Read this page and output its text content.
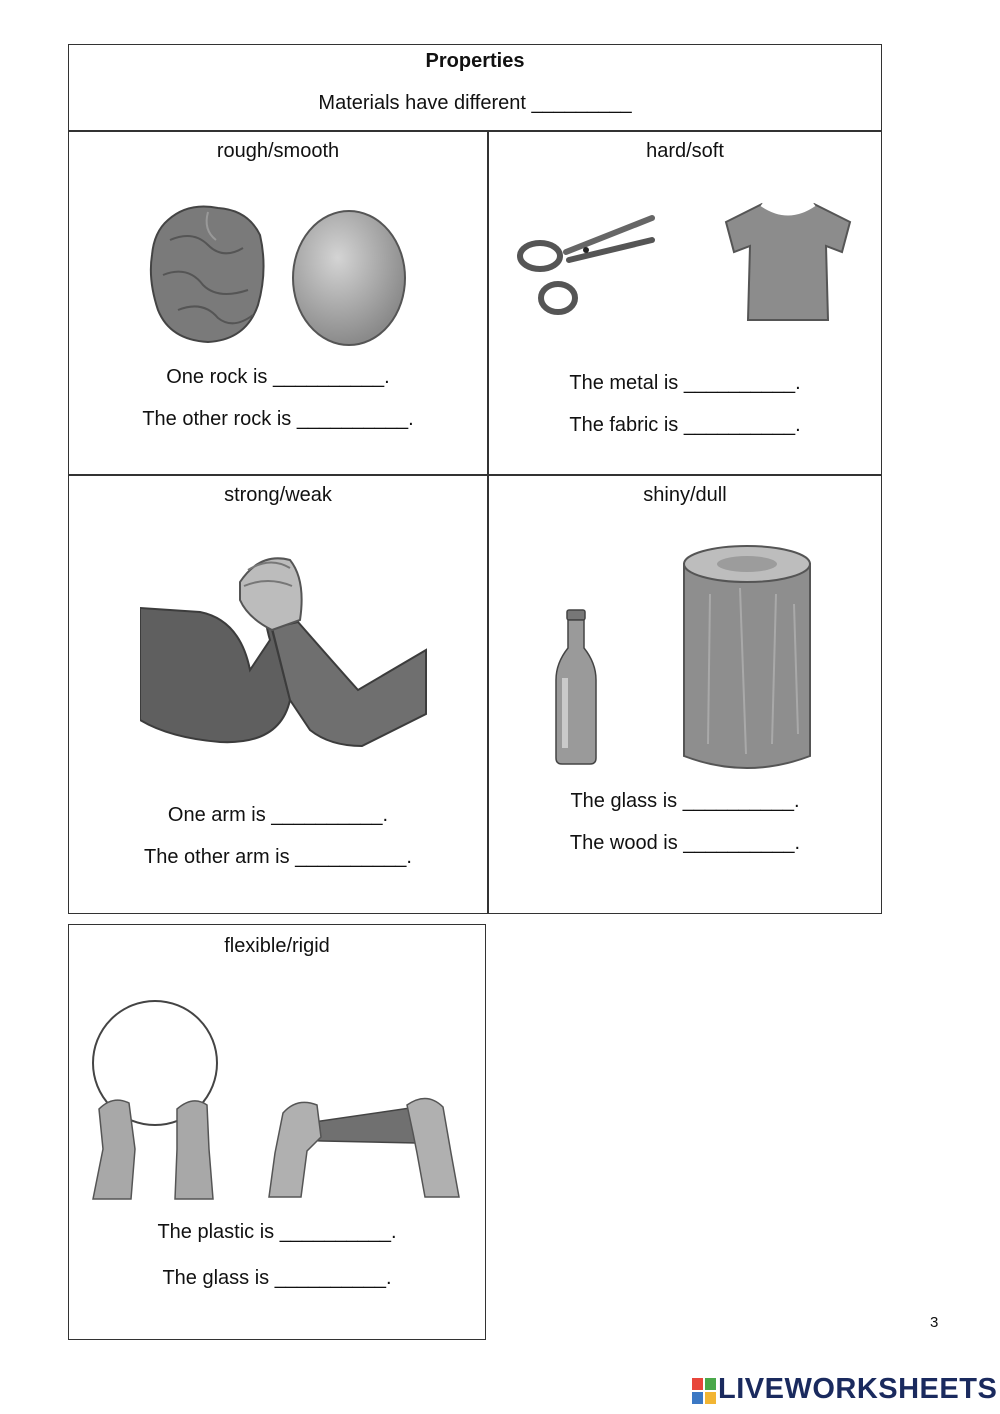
Properties
Materials have different _________
rough/smooth
One rock is __________.
The other rock is __________.
hard/soft
The metal is __________.
The fabric is __________.
strong/weak
One arm is __________.
The other arm is __________.
shiny/dull
The glass is __________.
The wood is __________.
flexible/rigid
The plastic is __________.
The glass is __________.
3
LIVEWORKSHEETS
